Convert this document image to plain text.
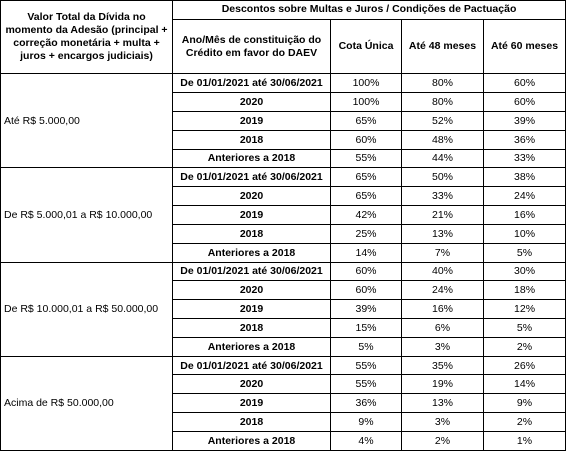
Valor Total da Dívida no momento da Adesão (principal + correção monetária + multa + juros + encargos judiciais)	Descontos sobre Multas e Juros / Condições de Pactuação			
	Ano/Mês de constituição do Crédito em favor do DAEV	Cota Única	Até 48 meses	Até 60 meses
Até R$ 5.000,00	De 01/01/2021 até 30/06/2021	100%	80%	60%
	2020	100%	80%	60%
	2019	65%	52%	39%
	2018	60%	48%	36%
	Anteriores a 2018	55%	44%	33%
De R$ 5.000,01 a R$ 10.000,00	De 01/01/2021 até 30/06/2021	65%	50%	38%
	2020	65%	33%	24%
	2019	42%	21%	16%
	2018	25%	13%	10%
	Anteriores a 2018	14%	7%	5%
De R$ 10.000,01 a R$ 50.000,00	De 01/01/2021 até 30/06/2021	60%	40%	30%
	2020	60%	24%	18%
	2019	39%	16%	12%
	2018	15%	6%	5%
	Anteriores a 2018	5%	3%	2%
Acima de R$ 50.000,00	De 01/01/2021 até 30/06/2021	55%	35%	26%
	2020	55%	19%	14%
	2019	36%	13%	9%
	2018	9%	3%	2%
	Anteriores a 2018	4%	2%	1%
